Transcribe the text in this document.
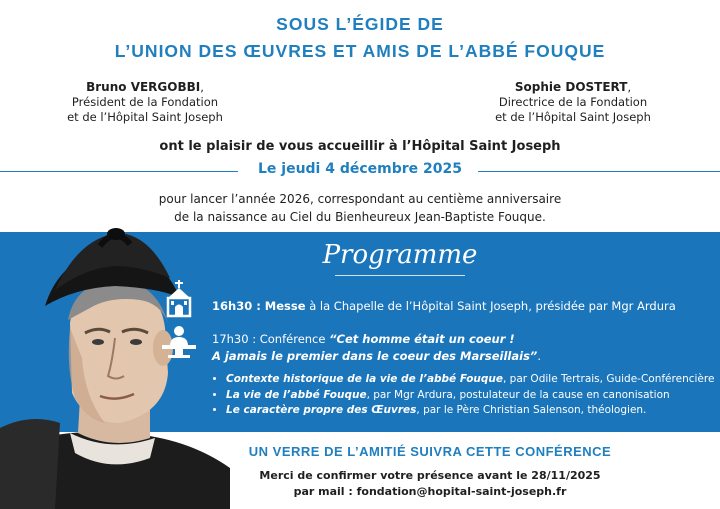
SOUS L’ÉGIDE DE
L’UNION DES ŒUVRES ET AMIS DE L’ABBÉ FOUQUE
Bruno VERGOBBI,
Président de la Fondation
et de l’Hôpital Saint Joseph
Sophie DOSTERT,
Directrice de la Fondation
et de l’Hôpital Saint Joseph
ont le plaisir de vous accueillir à l’Hôpital Saint Joseph
Le jeudi 4 décembre 2025
pour lancer l’année 2026, correspondant au centième anniversaire
de la naissance au Ciel du Bienheureux Jean-Baptiste Fouque.
Programme
16h30 : Messe à la Chapelle de l’Hôpital Saint Joseph, présidée par Mgr Ardura
17h30 : Conférence “Cet homme était un coeur !
A jamais le premier dans le coeur des Marseillais”.
• Contexte historique de la vie de l’abbé Fouque, par Odile Tertrais, Guide-Conférencière
• La vie de l’abbé Fouque, par Mgr Ardura, postulateur de la cause en canonisation
• Le caractère propre des Œuvres, par le Père Christian Salenson, théologien.
UN VERRE DE L’AMITIÉ SUIVRA CETTE CONFÉRENCE
Merci de confirmer votre présence avant le 28/11/2025
par mail : fondation@hopital-saint-joseph.fr
